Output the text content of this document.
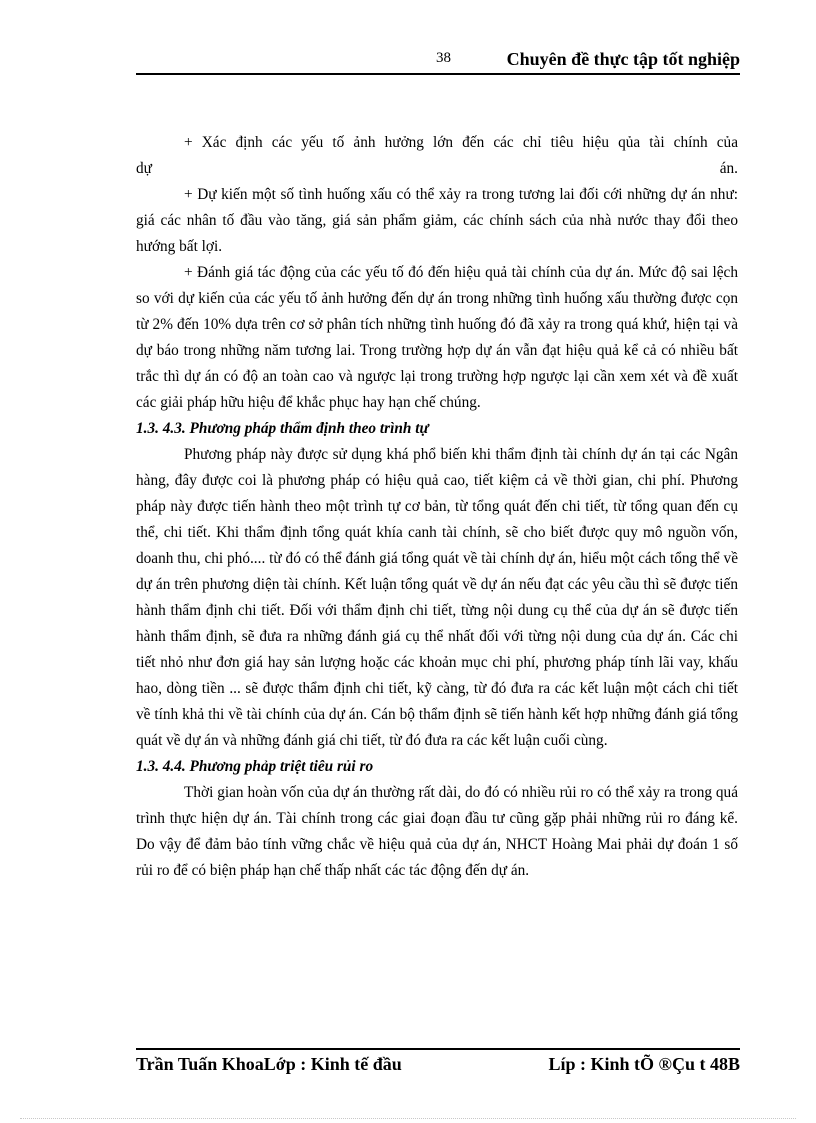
38	Chuyên đề thực tập tốt nghiệp

+ Xác định các yếu tố ảnh hưởng lớn đến các chỉ tiêu hiệu qủa tài chính của

dự án.

+ Dự kiến một số tình huống xấu có thể xảy ra trong tương lai đối cới những dự án như: giá các nhân tố đầu vào tăng, giá sản phẩm giảm, các chính sách của nhà nước thay đổi theo hướng bất lợi.

+ Đánh giá tác động của các yếu tố đó đến hiệu quả tài chính của dự án. Mức độ sai lệch so với dự kiến của các yếu tố ảnh hưởng đến dự án trong những tình huống xấu thường được cọn từ 2% đến 10% dựa trên cơ sở phân tích những tình huống đó đã xảy ra trong quá khứ, hiện tại và dự báo trong những năm tương lai. Trong trường hợp dự án vẫn đạt hiệu quả kể cả có nhiều bất trắc thì dự án có độ an toàn cao và ngược lại trong trường hợp ngược lại cần xem xét và đề xuất các giải pháp hữu hiệu để khắc phục hay hạn chế chúng.

1.3. 4.3. Phương pháp thẩm định theo trình tự

Phương pháp này được sử dụng khá phổ biến khi thẩm định tài chính dự án tại các Ngân hàng, đây được coi là phương pháp có hiệu quả cao, tiết kiệm cả về thời gian, chi phí. Phương pháp này được tiến hành theo một trình tự cơ bản, từ tổng quát đến chi tiết, từ tổng quan đến cụ thể, chi tiết. Khi thẩm định tổng quát khía canh tài chính, sẽ cho biết được quy mô nguồn vốn, doanh thu, chi phó.... từ đó có thể đánh giá tổng quát về tài chính dự án, hiểu một cách tổng thể về dự án trên phương diện tài chính. Kết luận tổng quát về dự án nếu đạt các yêu cầu thì sẽ được tiến hành thẩm định chi tiết. Đối với thẩm định chi tiết, từng nội dung cụ thể của dự án sẽ được tiến hành thẩm định, sẽ đưa ra những đánh giá cụ thể nhất đối với từng nội dung của dự án. Các chi tiết nhỏ như đơn giá hay sản lượng hoặc các khoản mục chi phí, phương pháp tính lãi vay, khấu hao, dòng tiền ... sẽ được thẩm định chi tiết, kỹ càng, từ đó đưa ra các kết luận một cách chi tiết về tính khả thi về tài chính của dự án. Cán bộ thẩm định sẽ tiến hành kết hợp những đánh giá tổng quát về dự án và những đánh giá chi tiết, từ đó đưa ra các kết luận cuối cùng.

1.3. 4.4. Phương phảp triệt tiêu rủi ro

Thời gian hoàn vốn của dự án thường rất dài, do đó có nhiều rủi ro có thể xảy ra trong quá trình thực hiện dự án. Tài chính trong các giai đoạn đầu tư cũng gặp phải những rủi ro đáng kể. Do vậy để đảm bảo tính vững chắc về hiệu quả của dự án, NHCT Hoàng Mai phải dự đoán 1 số rủi ro để có biện pháp hạn chế thấp nhất các tác động đến dự án.

Trần Tuấn KhoaLớp : Kinh tế đầu	Líp : Kinh tÕ ®Çu t 48B
